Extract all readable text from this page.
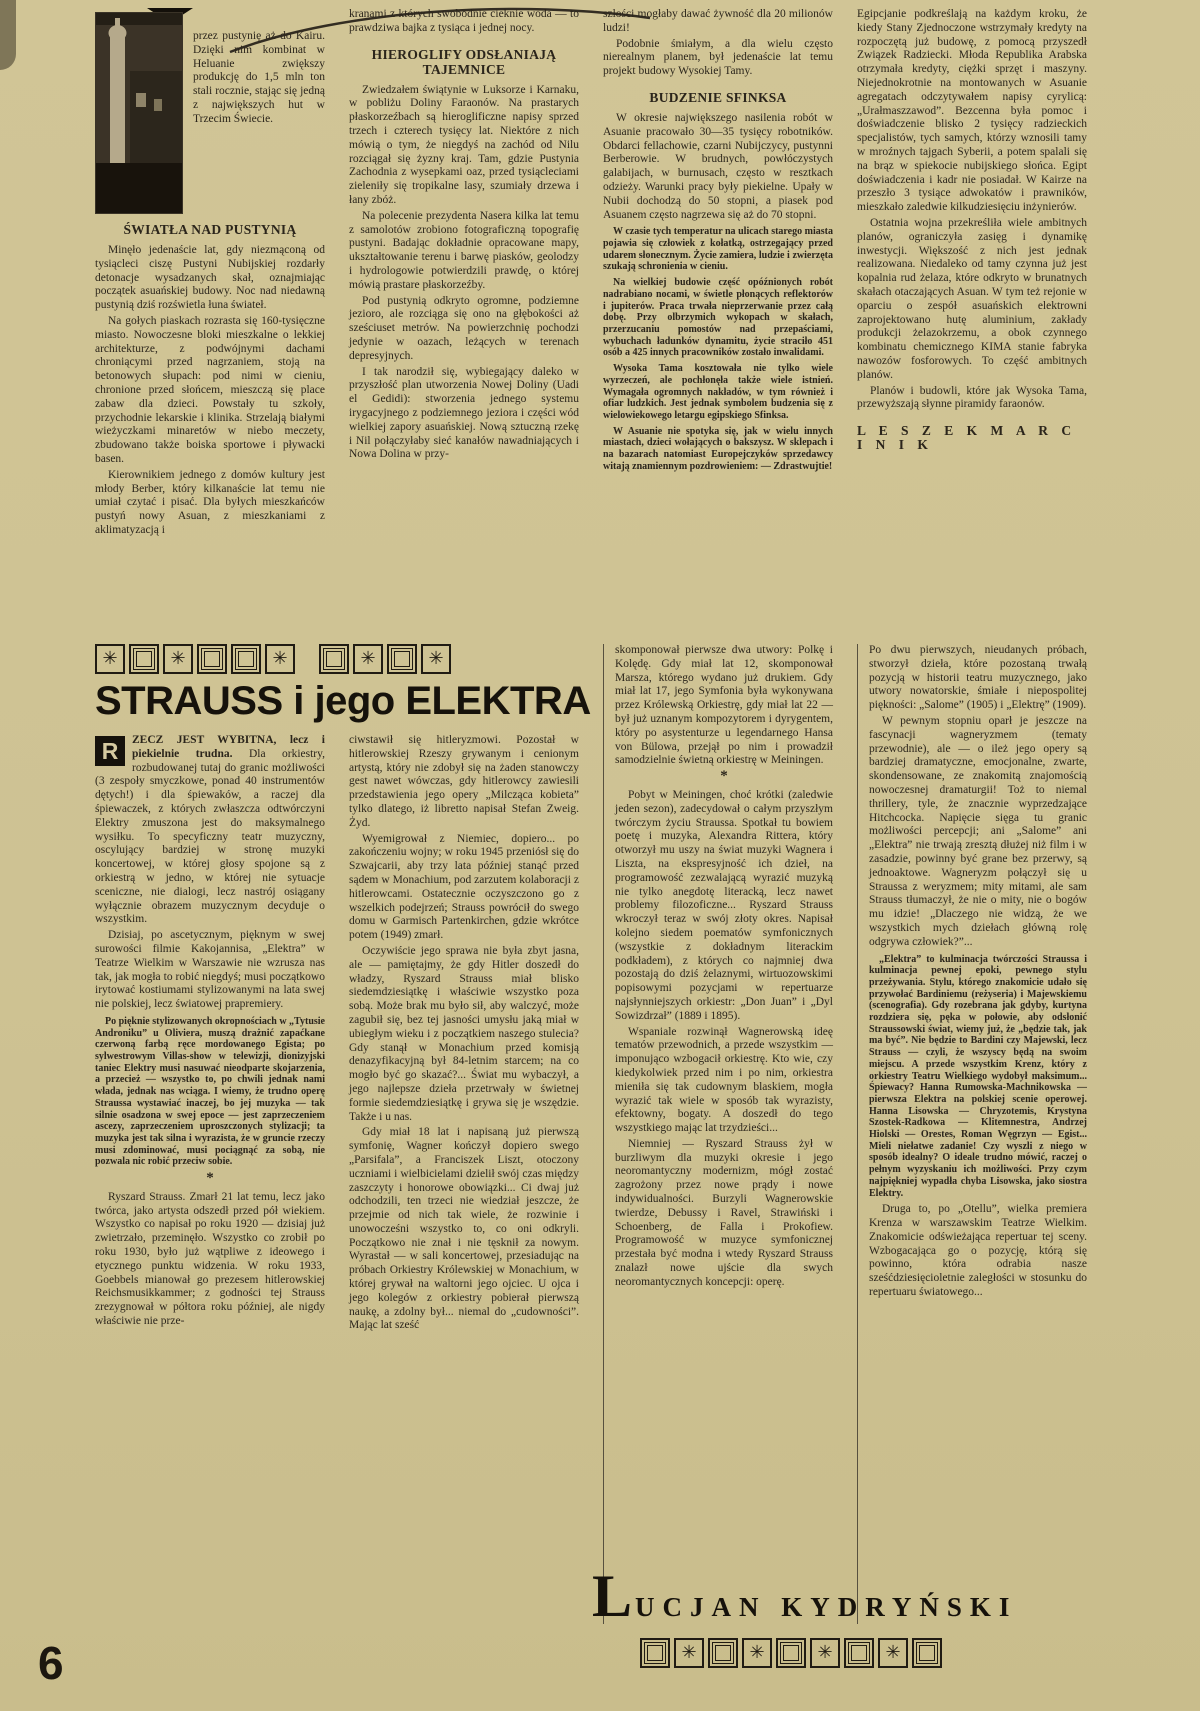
przez pustynię aż do Kairu. Dzięki nim kombinat w Heluanie zwiększy produkcję do 1,5 mln ton stali rocznie, stając się jedną z największych hut w Trzecim Świecie.

ŚWIATŁA NAD PUSTYNIĄ

Minęło jedenaście lat, gdy niezmąconą od tysiącleci ciszę Pustyni Nubijskiej rozdarły detonacje wysadzanych skał, oznajmiając początek asuańskiej budowy. Noc nad niedawną pustynią dziś rozświetla łuna świateł.

Na gołych piaskach rozrasta się 160-tysięczne miasto. Nowoczesne bloki mieszkalne o lekkiej architekturze, z podwójnymi dachami chroniącymi przed nagrzaniem, stoją na betonowych słupach: pod nimi w cieniu, chronione przed słońcem, mieszczą się place zabaw dla dzieci. Powstały tu szkoły, przychodnie lekarskie i klinika. Strzelają białymi wieżyczkami minaretów w niebo meczety, zbudowano także boiska sportowe i pływacki basen.

Kierownikiem jednego z domów kultury jest młody Berber, który kilkanaście lat temu nie umiał czytać i pisać. Dla byłych mieszkańców pustyń nowy Asuan, z mieszkaniami z aklimatyzacją i

kranami z których swobodnie cieknie woda — to prawdziwa bajka z tysiąca i jednej nocy.

HIEROGLIFY ODSŁANIAJĄ TAJEMNICE

Zwiedzałem świątynie w Luksorze i Karnaku, w pobliżu Doliny Faraonów. Na prastarych płaskorzeźbach są hieroglificzne napisy sprzed trzech i czterech tysięcy lat. Niektóre z nich mówią o tym, że niegdyś na zachód od Nilu rozciągał się żyzny kraj. Tam, gdzie Pustynia Zachodnia z wysepkami oaz, przed tysiącleciami zieleniły się tropikalne lasy, szumiały drzewa i łany zbóż.

Na polecenie prezydenta Nasera kilka lat temu z samolotów zrobiono fotograficzną topografię pustyni. Badając dokładnie opracowane mapy, ukształtowanie terenu i barwę piasków, geolodzy i hydrologowie potwierdzili prawdę, o której mówią prastare płaskorzeźby.

Pod pustynią odkryto ogromne, podziemne jezioro, ale rozciąga się ono na głębokości aż sześciuset metrów. Na powierzchnię pochodzi jedynie w oazach, leżących w terenach depresyjnych.

I tak narodził się, wybiegający daleko w przyszłość plan utworzenia Nowej Doliny (Uadi el Gedidi): stworzenia jednego systemu irygacyjnego z podziemnego jeziora i części wód wielkiej zapory asuańskiej. Nową sztuczną rzekę i Nil połączyłaby sieć kanałów nawadniających i Nowa Dolina w przy-

szłości mogłaby dawać żywność dla 20 milionów ludzi!

Podobnie śmiałym, a dla wielu często nierealnym planem, był jedenaście lat temu projekt budowy Wysokiej Tamy.

BUDZENIE SFINKSA

W okresie największego nasilenia robót w Asuanie pracowało 30—35 tysięcy robotników. Obdarci fellachowie, czarni Nubijczycy, pustynni Berberowie. W brudnych, powłóczystych galabijach, w burnusach, często w resztkach odzieży. Warunki pracy były piekielne. Upały w Nubii dochodzą do 50 stopni, a piasek pod Asuanem często nagrzewa się aż do 70 stopni.

W czasie tych temperatur na ulicach starego miasta pojawia się człowiek z kołatką, ostrzegający przed udarem słonecznym. Życie zamiera, ludzie i zwierzęta szukają schronienia w cieniu.

Na wielkiej budowie część opóźnionych robót nadrabiano nocami, w świetle płonących reflektorów i jupiterów. Praca trwała nieprzerwanie przez całą dobę. Przy olbrzymich wykopach w skałach, przerzucaniu pomostów nad przepaściami, wybuchach ładunków dynamitu, życie straciło 451 osób a 425 innych pracowników zostało inwalidami.

Wysoka Tama kosztowała nie tylko wiele wyrzeczeń, ale pochłonęła także wiele istnień. Wymagała ogromnych nakładów, w tym również i ofiar ludzkich. Jest jednak symbolem budzenia się z wielowiekowego letargu egipskiego Sfinksa.

W Asuanie nie spotyka się, jak w wielu innych miastach, dzieci wołających o bakszysz. W sklepach i na bazarach natomiast Europejczyków sprzedawcy witają znamiennym pozdrowieniem: — Zdrastwujtie!

Egipcjanie podkreślają na każdym kroku, że kiedy Stany Zjednoczone wstrzymały kredyty na rozpoczętą już budowę, z pomocą przyszedł Związek Radziecki. Młoda Republika Arabska otrzymała kredyty, ciężki sprzęt i maszyny. Niejednokrotnie na montowanych w Asuanie agregatach odczytywałem napisy cyrylicą: „Urałmaszzawod”. Bezcenna była pomoc i doświadczenie blisko 2 tysięcy radzieckich specjalistów, tych samych, którzy wznosili tamy w mroźnych tajgach Syberii, a potem spalali się na brąz w spiekocie nubijskiego słońca. Egipt doświadczenia i kadr nie posiadał. W Kairze na przeszło 3 tysiące adwokatów i prawników, mieszkało zaledwie kilkudziesięciu inżynierów.

Ostatnia wojna przekreśliła wiele ambitnych planów, ograniczyła zasięg i dynamikę inwestycji. Większość z nich jest jednak realizowana. Niedaleko od tamy czynna już jest kopalnia rud żelaza, które odkryto w brunatnych skałach otaczających Asuan. W tym też rejonie w oparciu o zespół asuańskich elektrowni zaprojektowano hutę aluminium, zakłady produkcji żelazokrzemu, a obok czynnego kombinatu chemicznego KIMA stanie fabryka nawozów fosforowych. To część ambitnych planów.

Planów i budowli, które jak Wysoka Tama, przewyższają słynne piramidy faraonów.

L E S Z E K M A R C I N I K
✳
✳
✳
✳
✳
STRAUSS i jego ELEKTRA

R	ZECZ JEST WYBITNA, lecz i piekielnie trudna. Dla orkiestry, rozbudowanej tutaj do granic możliwości (3 zespoły smyczkowe, ponad 40 instrumentów dętych!) i dla śpiewaków, a raczej dla śpiewaczek, z których zwłaszcza odtwórczyni Elektry zmuszona jest do maksymalnego wysiłku. To specyficzny teatr muzyczny, oscylujący bardziej w stronę muzyki koncertowej, w której głosy spojone są z orkiestrą w jedno, w której nie sytuacje sceniczne, nie dialogi, lecz nastrój osiągany wyłącznie obrazem muzycznym decyduje o wszystkim.

Dzisiaj, po ascetycznym, pięknym w swej surowości filmie Kakojannisa, „Elektra” w Teatrze Wielkim w Warszawie nie wzrusza nas tak, jak mogła to robić niegdyś; musi początkowo irytować kostiumami stylizowanymi na lata swej nie polskiej, lecz światowej prapremiery.

Po pięknie stylizowanych okropnościach w „Tytusie Androniku” u Oliviera, muszą drażnić zapaćkane czerwoną farbą ręce mordowanego Egista; po sylwestrowym Villas-show w telewizji, dionizyjski taniec Elektry musi nasuwać nieodparte skojarzenia, a przecież — wszystko to, po chwili jednak nami włada, jednak nas wciąga. I wiemy, że trudno operę Straussa wystawiać inaczej, bo jej muzyka — tak silnie osadzona w swej epoce — jest zaprzeczeniem ascezy, zaprzeczeniem uproszczonych stylizacji; ta muzyka jest tak silna i wyrazista, że w gruncie rzeczy musi zdominować, musi pociągnąć za sobą, nie pozwala nic robić przeciw sobie.

*

Ryszard Strauss. Zmarł 21 lat temu, lecz jako twórca, jako artysta odszedł przed pół wiekiem. Wszystko co napisał po roku 1920 — dzisiaj już zwietrzało, przeminęło. Wszystko co zrobił po roku 1930, było już wątpliwe z ideowego i etycznego punktu widzenia. W roku 1933, Goebbels mianował go prezesem hitlerowskiej Reichsmusikkammer; z godności tej Strauss zrezygnował w półtora roku później, ale nigdy właściwie nie prze-

ciwstawił się hitleryzmowi. Pozostał w hitlerowskiej Rzeszy grywanym i cenionym artystą, który nie zdobył się na żaden stanowczy gest nawet wówczas, gdy hitlerowcy zawiesili przedstawienia jego opery „Milcząca kobieta” tylko dlatego, iż libretto napisał Stefan Zweig. Żyd.

Wyemigrował z Niemiec, dopiero... po zakończeniu wojny; w roku 1945 przeniósł się do Szwajcarii, aby trzy lata później stanąć przed sądem w Monachium, pod zarzutem kolaboracji z hitlerowcami. Ostatecznie oczyszczono go z wszelkich podejrzeń; Strauss powrócił do swego domu w Garmisch Partenkirchen, gdzie wkrótce potem (1949) zmarł.

Oczywiście jego sprawa nie była zbyt jasna, ale — pamiętajmy, że gdy Hitler doszedł do władzy, Ryszard Strauss miał blisko siedemdziesiątkę i właściwie wszystko poza sobą. Może brak mu było sił, aby walczyć, może zagubił się, bez tej jasności umysłu jaką miał w ubiegłym wieku i z początkiem naszego stulecia? Gdy stanął w Monachium przed komisją denazyfikacyjną był 84-letnim starcem; na co mogło być go skazać?... Świat mu wybaczył, a jego najlepsze dzieła przetrwały w świetnej formie siedemdziesiątkę i grywa się je wszędzie. Także i u nas.

Gdy miał 18 lat i napisaną już pierwszą symfonię, Wagner kończył dopiero swego „Parsifala”, a Franciszek Liszt, otoczony uczniami i wielbicielami dzielił swój czas między zaszczyty i honorowe obowiązki... Ci dwaj już odchodzili, ten trzeci nie wiedział jeszcze, że przejmie od nich tak wiele, że rozwinie i unowocześni wszystko to, co oni odkryli. Początkowo nie znał i nie tęsknił za nowym. Wyrastał — w sali koncertowej, przesiadując na próbach Orkiestry Królewskiej w Monachium, w której grywał na waltorni jego ojciec. U ojca i jego kolegów z orkiestry pobierał pierwszą naukę, a zdolny był... niemal do „cudowności”. Mając lat sześć

skomponował pierwsze dwa utwory: Polkę i Kolędę. Gdy miał lat 12, skomponował Marsza, którego wydano już drukiem. Gdy miał lat 17, jego Symfonia była wykonywana przez Królewską Orkiestrę, gdy miał lat 22 — był już uznanym kompozytorem i dyrygentem, który po asystenturze u legendarnego Hansa von Bülowa, przejął po nim i prowadził samodzielnie świetną orkiestrę w Meiningen.

*

Pobyt w Meiningen, choć krótki (zaledwie jeden sezon), zadecydował o całym przyszłym twórczym życiu Straussa. Spotkał tu bowiem poetę i muzyka, Alexandra Rittera, który otworzył mu uszy na świat muzyki Wagnera i Liszta, na ekspresyjność ich dzieł, na programowość zezwalającą wyrazić muzyką nie tylko anegdotę literacką, lecz nawet problemy filozoficzne... Ryszard Strauss wkroczył teraz w swój złoty okres. Napisał kolejno siedem poematów symfonicznych (wszystkie z dokładnym literackim podkładem), z których co najmniej dwa pozostają do dziś żelaznymi, wirtuozowskimi popisowymi pozycjami w repertuarze najsłynniejszych orkiestr: „Don Juan” i „Dyl Sowizdrzał” (1889 i 1895).

Wspaniale rozwinął Wagnerowską ideę tematów przewodnich, a przede wszystkim — imponująco wzbogacił orkiestrę. Kto wie, czy kiedykolwiek przed nim i po nim, orkiestra mieniła się tak cudownym blaskiem, mogła wyrazić tak wiele w sposób tak wyrazisty, efektowny, bogaty. A doszedł do tego wszystkiego mając lat trzydzieści...

Niemniej — Ryszard Strauss żył w burzliwym dla muzyki okresie i jego neoromantyczny modernizm, mógł zostać zagrożony przez nowe prądy i nowe indywidualności. Burzyli Wagnerowskie twierdze, Debussy i Ravel, Strawiński i Schoenberg, de Falla i Prokofiew. Programowość w muzyce symfonicznej przestała być modna i wtedy Ryszard Strauss znalazł nowe ujście dla swych neoromantycznych koncepcji: operę.

Po dwu pierwszych, nieudanych próbach, stworzył dzieła, które pozostaną trwałą pozycją w historii teatru muzycznego, jako utwory nowatorskie, śmiałe i niepospolitej piękności: „Salome” (1905) i „Elektrę” (1909).

W pewnym stopniu oparł je jeszcze na fascynacji wagneryzmem (tematy przewodnie), ale — o ileż jego opery są bardziej dramatyczne, emocjonalne, zwarte, skondensowane, ze znakomitą znajomością nowoczesnej dramaturgii! Toż to niemal thrillery, tyle, że znacznie wyprzedzające Hitchcocka. Napięcie sięga tu granic możliwości percepcji; ani „Salome” ani „Elektra” nie trwają zresztą dłużej niż film i w zasadzie, powinny być grane bez przerwy, są jednoaktowe. Wagneryzm połączył się u Straussa z weryzmem; mity mitami, ale sam Strauss tłumaczył, że nie o mity, nie o bogów mu idzie! „Dlaczego nie widzą, że we wszystkich mych dziełach główną rolę odgrywa człowiek?”...

„Elektra” to kulminacja twórczości Straussa i kulminacja pewnej epoki, pewnego stylu przeżywania. Stylu, którego znakomicie udało się przywołać Bardiniemu (reżyseria) i Majewskiemu (scenografia). Gdy rozebrana jak gdyby, kurtyna rozdziera się, pęka w połowie, aby odsłonić Straussowski świat, wiemy już, że „będzie tak, jak ma być”. Nie będzie to Bardini czy Majewski, lecz Strauss — czyli, że wszyscy będą na swoim miejscu. A przede wszystkim Krenz, który z orkiestry Teatru Wielkiego wydobył maksimum... Śpiewacy? Hanna Rumowska-Machnikowska — pierwsza Elektra na polskiej scenie operowej. Hanna Lisowska — Chryzotemis, Krystyna Szostek-Radkowa — Klitemnestra, Andrzej Hiolski — Orestes, Roman Węgrzyn — Egist... Mieli niełatwe zadanie! Czy wyszli z niego w sposób idealny? O ideale trudno mówić, raczej o pełnym wyzyskaniu ich możliwości. Przy czym najpiękniej wypadła chyba Lisowska, jako siostra Elektry.

Druga to, po „Otellu”, wielka premiera Krenza w warszawskim Teatrze Wielkim. Znakomicie odświeżająca repertuar tej sceny. Wzbogacająca go o pozycję, którą się powinno, która odrabia nasze sześćdziesięcioletnie zaległości w stosunku do repertuaru światowego...

L UCJAN KYDRYŃSKI
✳
✳
✳
✳
6
